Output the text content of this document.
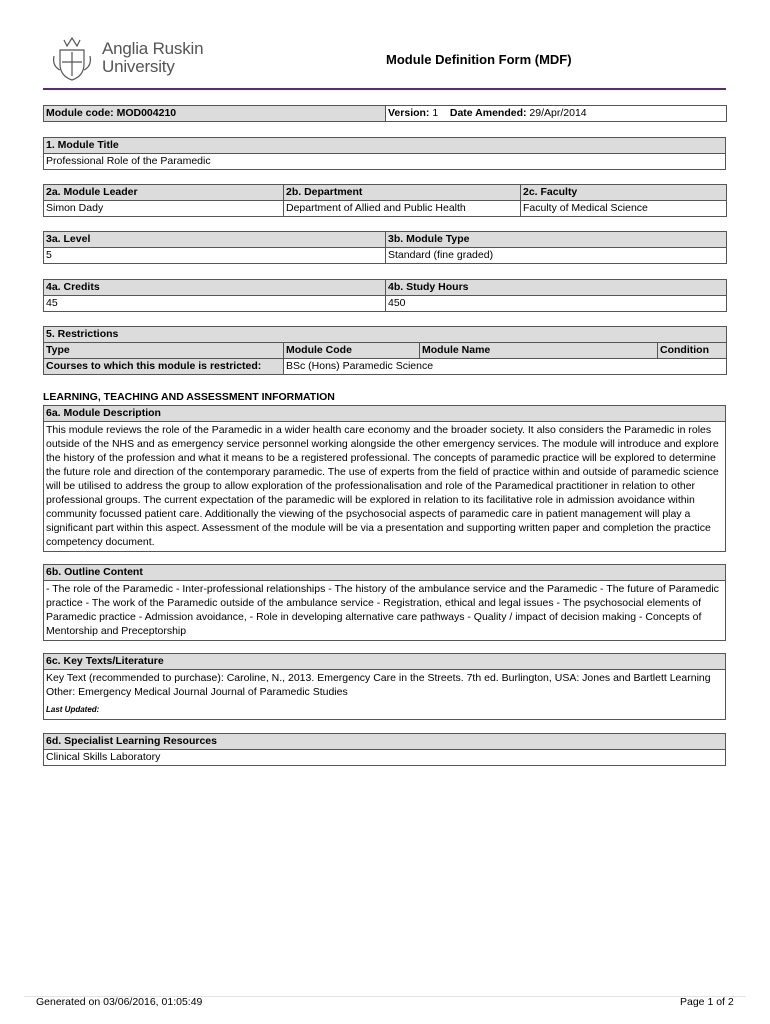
Anglia Ruskin
University	Module Definition Form (MDF)
Module code: MOD004210	Version: 1 Date Amended: 29/Apr/2014
1. Module Title
Professional Role of the Paramedic
2a. Module Leader	2b. Department	2c. Faculty
Simon Dady	Department of Allied and Public Health	Faculty of Medical Science
3a. Level	3b. Module Type
5	Standard (fine graded)
4a. Credits	4b. Study Hours
45	450
5. Restrictions			
Type	Module Code	Module Name	Condition
Courses to which this module is restricted:	BSc (Hons) Paramedic Science		
LEARNING, TEACHING AND ASSESSMENT INFORMATION
6a. Module Description
This module reviews the role of the Paramedic in a wider health care economy and the broader society. It also considers the Paramedic in roles outside of the NHS and as emergency service personnel working alongside the other emergency services. The module will introduce and explore the history of the profession and what it means to be a registered professional. The concepts of paramedic practice will be explored to determine the future role and direction of the contemporary paramedic. The use of experts from the field of practice within and outside of paramedic science will be utilised to address the group to allow exploration of the professionalisation and role of the Paramedical practitioner in relation to other professional groups. The current expectation of the paramedic will be explored in relation to its facilitative role in admission avoidance within community focussed patient care. Additionally the viewing of the psychosocial aspects of paramedic care in patient management will play a significant part within this aspect. Assessment of the module will be via a presentation and supporting written paper and completion the practice competency document.
6b. Outline Content
- The role of the Paramedic - Inter-professional relationships - The history of the ambulance service and the Paramedic - The future of Paramedic practice - The work of the Paramedic outside of the ambulance service - Registration, ethical and legal issues - The psychosocial elements of Paramedic practice - Admission avoidance, - Role in developing alternative care pathways - Quality / impact of decision making - Concepts of Mentorship and Preceptorship
6c. Key Texts/Literature

Key Text (recommended to purchase): Caroline, N., 2013. Emergency Care in the Streets. 7th ed. Burlington, USA: Jones and Bartlett Learning Other: Emergency Medical Journal Journal of Paramedic Studies
Last Updated:
6d. Specialist Learning Resources
Clinical Skills Laboratory
Generated on 03/06/2016, 01:05:49	Page 1 of 2
